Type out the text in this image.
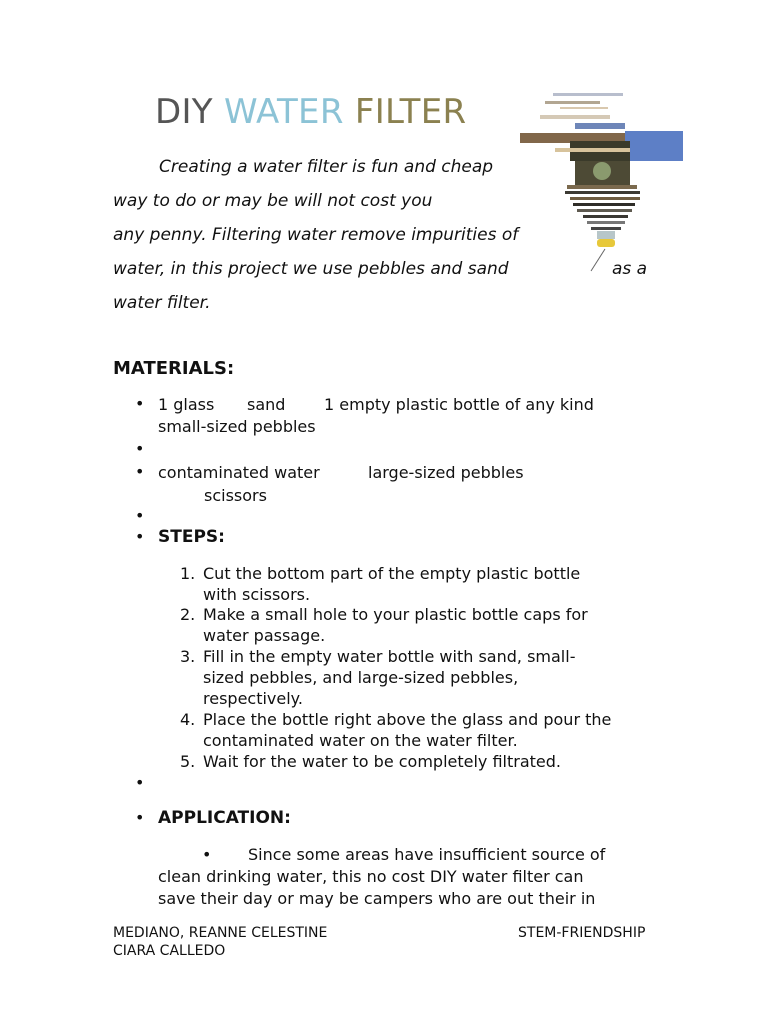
DIY WATER FILTER
Creating a water filter is fun and cheap
way to do or may be will not cost you
any penny. Filtering water remove impurities of
water, in this project we use pebbles and sand	as a
water filter.
MATERIALS:
• 1 glass sand 1 empty plastic bottle of any kind
small-sized pebbles
•
• contaminated water	large-sized pebbles
scissors
•
• STEPS:
1. Cut the bottom part of the empty plastic bottle
with scissors.
2. Make a small hole to your plastic bottle caps for
water passage.
3. Fill in the empty water bottle with sand, small-
sized pebbles, and large-sized pebbles,
respectively.
4. Place the bottle right above the glass and pour the
contaminated water on the water filter.
5. Wait for the water to be completely filtrated.
•
• APPLICATION:
• Since some areas have insufficient source of
clean drinking water, this no cost DIY water filter can
save their day or may be campers who are out their in
MEDIANO, REANNE CELESTINE
CIARA CALLEDO
STEM-FRIENDSHIP
